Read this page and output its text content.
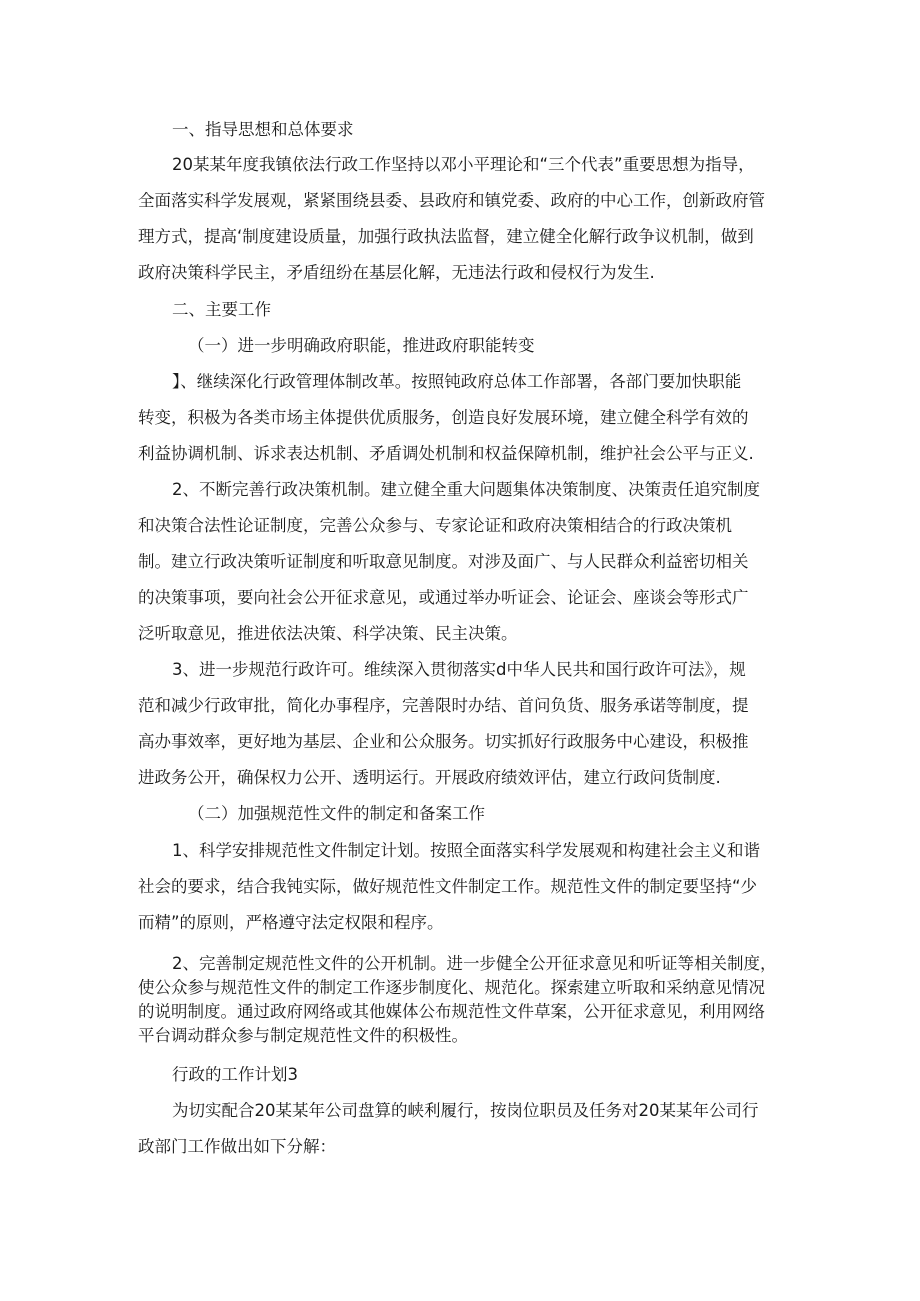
一、指导思想和总体要求

20某某年度我镇依法行政工作坚持以邓小平理论和“三个代表”重要思想为指导，

全面落实科学发展观，紧紧围绕县委、县政府和镇党委、政府的中心工作，创新政府管

理方式，提高‘制度建设质量，加强行政执法监督，建立健全化解行政争议机制，做到

政府决策科学民主，矛盾纽纷在基层化解，无违法行政和侵权行为发生.

二、主要工作

（一）进一步明确政府职能，推进政府职能转变

】、继续深化行政管理体制改革。按照钝政府总体工作部署，各部门要加快职能

转变，积极为各类市场主体提供优质服务，创造良好发展环境，建立健全科学有效的

利益协调机制、诉求表达机制、矛盾调处机制和权益保障机制，维护社会公平与正义.

2、不断完善行政决策机制。建立健全重大问题集体决策制度、决策责任追究制度

和决策合法性论证制度，完善公众参与、专家论证和政府决策相结合的行政决策机

制。建立行政决策听证制度和听取意见制度。对涉及面广、与人民群众利益密切相关

的决策事项，要向社会公开征求意见，或通过举办听证会、论证会、座谈会等形式广

泛听取意见，推进依法决策、科学决策、民主决策。

3、进一步规范行政许可。维续深入贯彻落实d中华人民共和国行政许可法》，规

范和减少行政审批，简化办事程序，完善限时办结、首问负货、服务承诺等制度，提

高办事效率，更好地为基层、企业和公众服务。切实抓好行政服务中心建设，积极推

进政务公开，确保权力公开、透明运行。开展政府绩效评估，建立行政问货制度.

（二）加强规范性文件的制定和备案工作

1、科学安排规范性文件制定计划。按照全面落实科学发展观和构建社会主义和谐

社会的要求，结合我钝实际，做好规范性文件制定工作。规范性文件的制定要坚持“少

而精”的原则，严格遵守法定权限和程序。

2、完善制定规范性文件的公开机制。进一步健全公开征求意见和听证等相关制度，

使公众参与规范性文件的制定工作逐步制度化、规范化。探索建立听取和采纳意见情况

的说明制度。通过政府网络或其他媒体公布规范性文件草案，公开征求意见，利用网络

平台调动群众参与制定规范性文件的积极性。

行政的工作计划3

为切实配合20某某年公司盘算的峡利履行，按岗位职员及任务对20某某年公司行

政部门工作做出如下分解：
